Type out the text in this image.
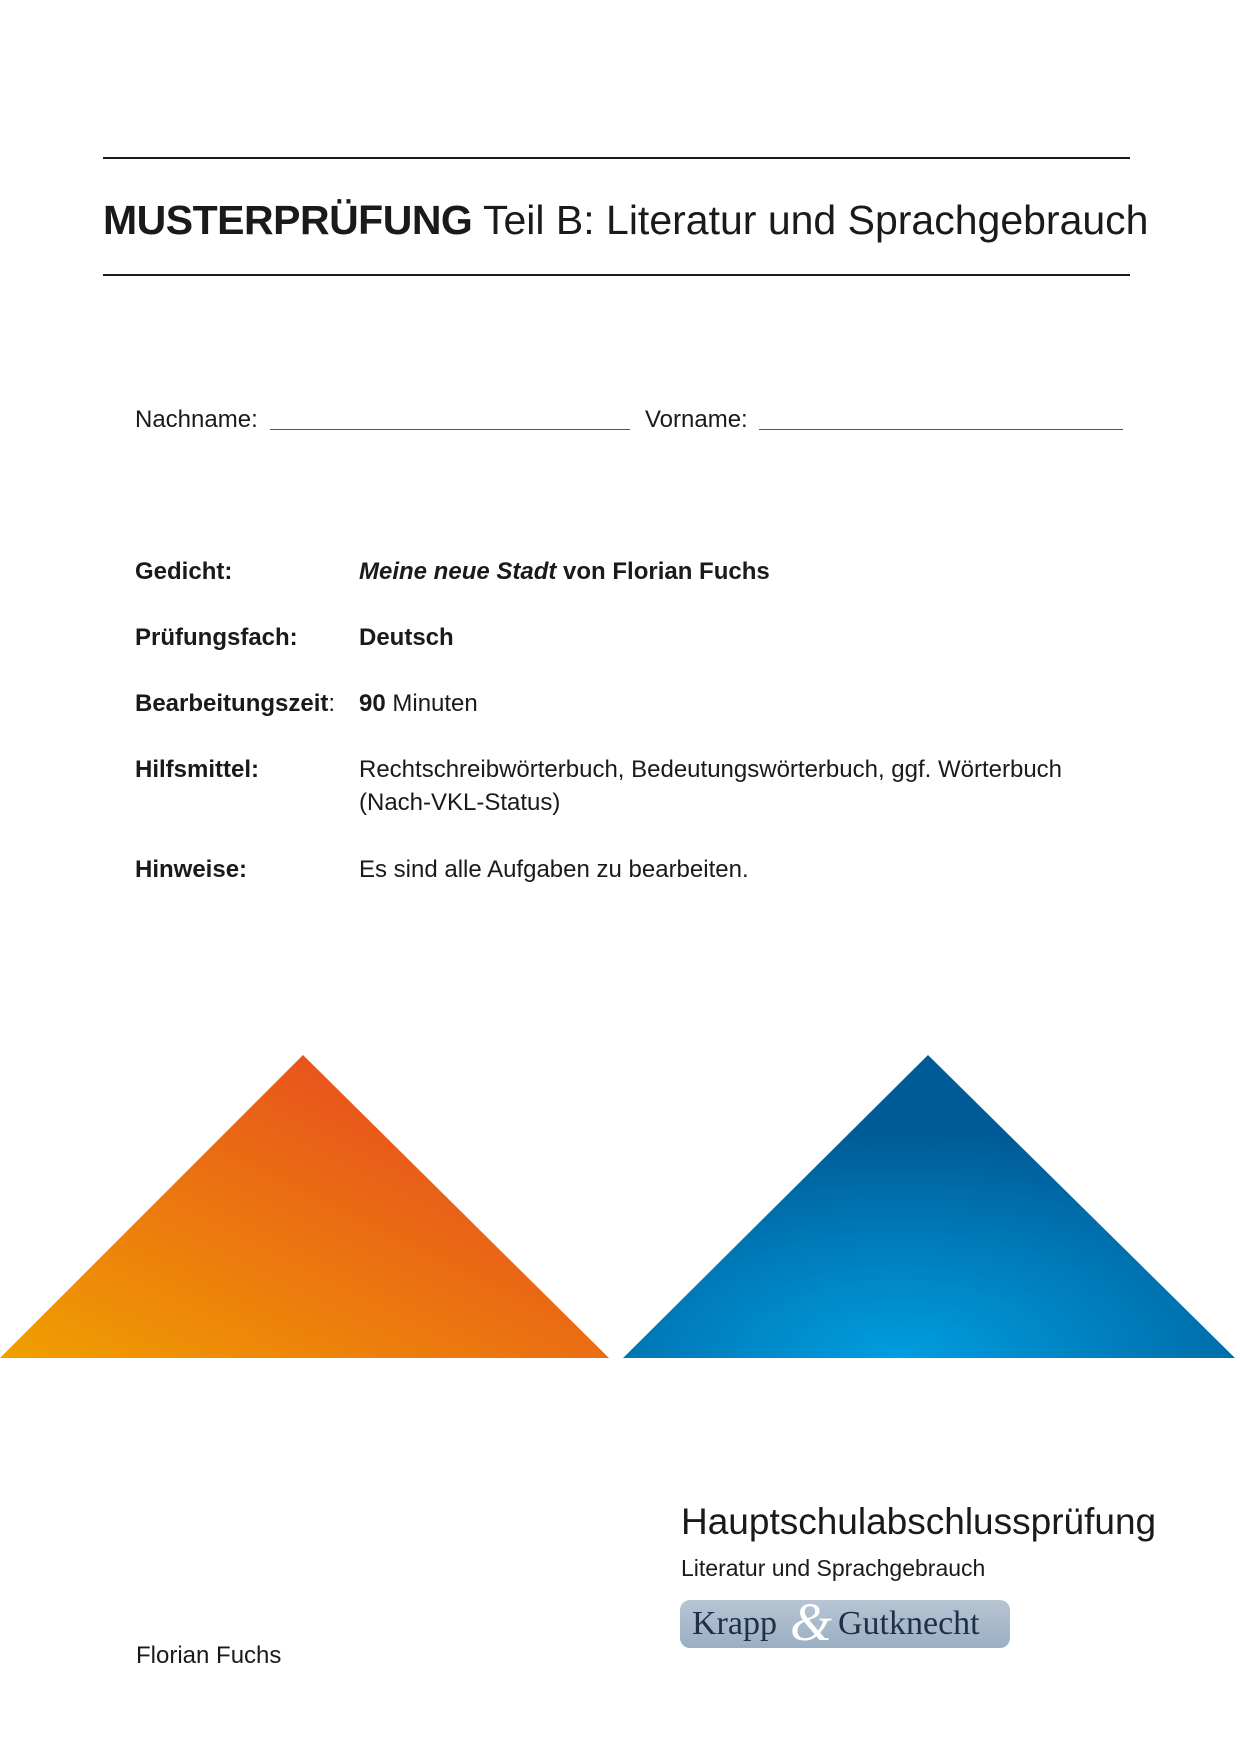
MUSTERPRÜFUNG Teil B: Literatur und Sprachgebrauch
Nachname:	Vorname:
Gedicht:	Meine neue Stadt von Florian Fuchs
Prüfungsfach:	Deutsch
Bearbeitungszeit: 90 Minuten
Hilfsmittel:	Rechtschreibwörterbuch, Bedeutungswörterbuch, ggf. Wörterbuch (Nach-VKL-Status)
Hinweise:	Es sind alle Aufgaben zu bearbeiten.
Hauptschulabschlussprüfung
Literatur und Sprachgebrauch
Krapp & Gutknecht
Florian Fuchs
